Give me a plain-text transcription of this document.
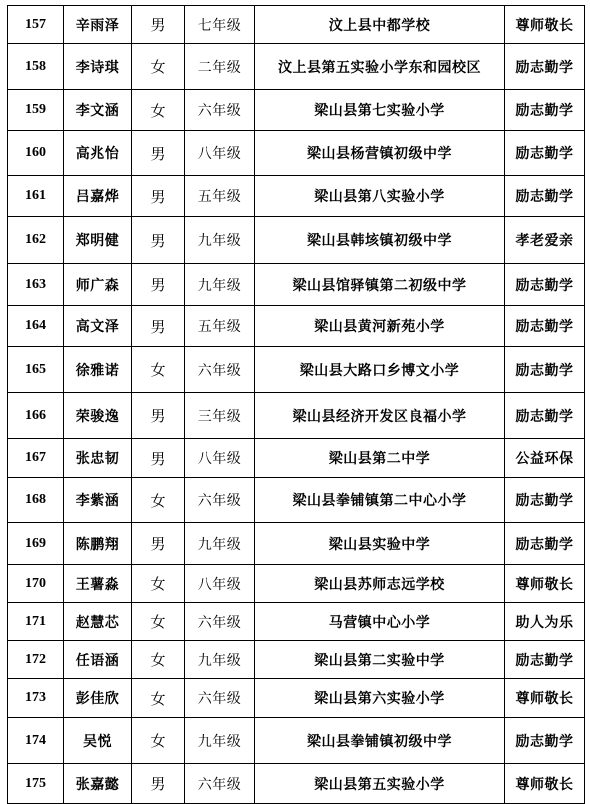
157	辛雨泽	男	七年级	汶上县中都学校	尊师敬长
158	李诗琪	女	二年级	汶上县第五实验小学东和园校区	励志勤学
159	李文涵	女	六年级	梁山县第七实验小学	励志勤学
160	高兆怡	男	八年级	梁山县杨营镇初级中学	励志勤学
161	吕嘉烨	男	五年级	梁山县第八实验小学	励志勤学
162	郑明健	男	九年级	梁山县韩垓镇初级中学	孝老爱亲
163	师广森	男	九年级	梁山县馆驿镇第二初级中学	励志勤学
164	高文泽	男	五年级	梁山县黄河新苑小学	励志勤学
165	徐雅诺	女	六年级	梁山县大路口乡博文小学	励志勤学
166	荣骏逸	男	三年级	梁山县经济开发区良福小学	励志勤学
167	张忠韧	男	八年级	梁山县第二中学	公益环保
168	李紫涵	女	六年级	梁山县拳铺镇第二中心小学	励志勤学
169	陈鹏翔	男	九年级	梁山县实验中学	励志勤学
170	王薯淼	女	八年级	梁山县苏师志远学校	尊师敬长
171	赵慧芯	女	六年级	马营镇中心小学	助人为乐
172	任语涵	女	九年级	梁山县第二实验中学	励志勤学
173	彭佳欣	女	六年级	梁山县第六实验小学	尊师敬长
174	吴悦	女	九年级	梁山县拳铺镇初级中学	励志勤学
175	张嘉懿	男	六年级	梁山县第五实验小学	尊师敬长
